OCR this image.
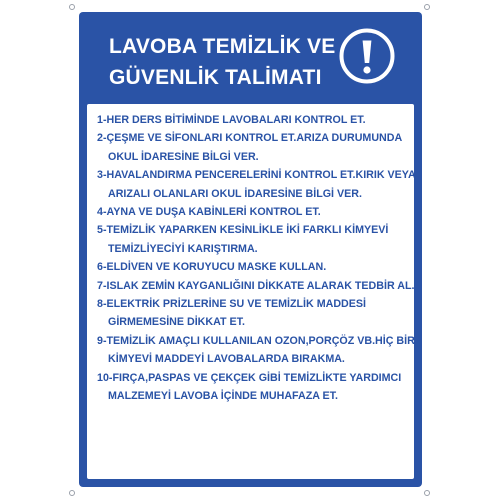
LAVOBA TEMİZLİK VE
GÜVENLİK TALİMATI
1-HER DERS BİTİMİNDE LAVOBALARI KONTROL ET.
2-ÇEŞME VE SİFONLARI KONTROL ET.ARIZA DURUMUNDA
OKUL İDARESİNE BİLGİ VER.
3-HAVALANDIRMA PENCERELERİNİ KONTROL ET.KIRIK VEYA
ARIZALI OLANLARI OKUL İDARESİNE BİLGİ VER.
4-AYNA VE DUŞA KABİNLERİ KONTROL ET.
5-TEMİZLİK YAPARKEN KESİNLİKLE İKİ FARKLI KİMYEVİ
TEMİZLİYECİYİ KARIŞTIRMA.
6-ELDİVEN VE KORUYUCU MASKE KULLAN.
7-ISLAK ZEMİN KAYGANLIĞINI DİKKATE ALARAK TEDBİR AL.
8-ELEKTRİK PRİZLERİNE SU VE TEMİZLİK MADDESİ
GİRMEMESİNE DİKKAT ET.
9-TEMİZLİK AMAÇLI KULLANILAN OZON,PORÇÖZ VB.HİÇ BİR
KİMYEVİ MADDEYİ LAVOBALARDA BIRAKMA.
10-FIRÇA,PASPAS VE ÇEKÇEK GİBİ TEMİZLİKTE YARDIMCI
MALZEMEYİ LAVOBA İÇİNDE MUHAFAZA ET.
